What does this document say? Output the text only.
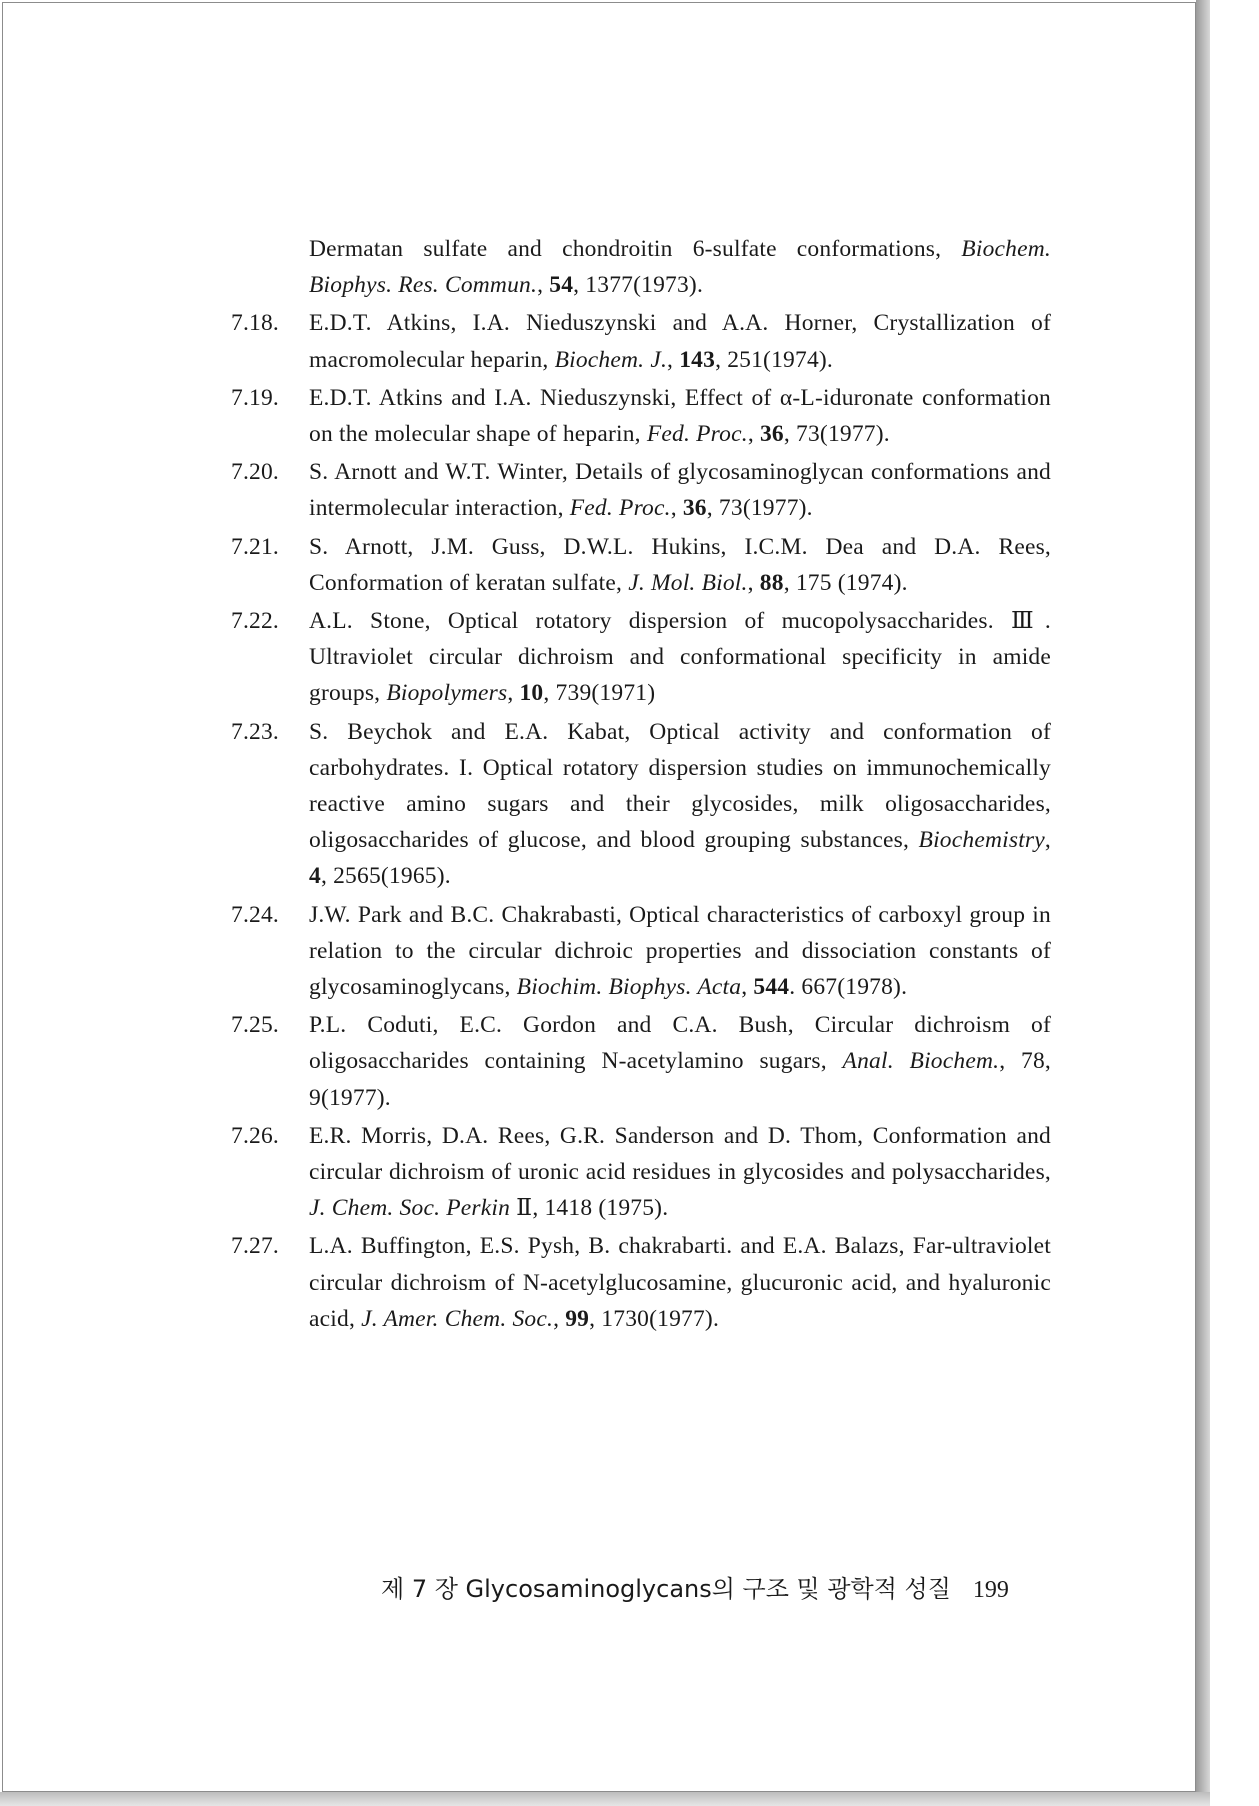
Dermatan sulfate and chondroitin 6-sulfate conformations, Biochem. Biophys. Res. Commun., 54, 1377(1973).
7.18. E.D.T. Atkins, I.A. Nieduszynski and A.A. Horner, Crystallization of macromolecular heparin, Biochem. J., 143, 251(1974).
7.19. E.D.T. Atkins and I.A. Nieduszynski, Effect of α-L-iduronate conformation on the molecular shape of heparin, Fed. Proc., 36, 73(1977).
7.20. S. Arnott and W.T. Winter, Details of glycosaminoglycan conformations and intermolecular interaction, Fed. Proc., 36, 73(1977).
7.21. S. Arnott, J.M. Guss, D.W.L. Hukins, I.C.M. Dea and D.A. Rees, Conformation of keratan sulfate, J. Mol. Biol., 88, 175 (1974).
7.22. A.L. Stone, Optical rotatory dispersion of mucopolysaccharides. Ⅲ. Ultraviolet circular dichroism and conformational specificity in amide groups, Biopolymers, 10, 739(1971)
7.23. S. Beychok and E.A. Kabat, Optical activity and conformation of carbohydrates. I. Optical rotatory dispersion studies on immunochemically reactive amino sugars and their glycosides, milk oligosaccharides, oligosaccharides of glucose, and blood grouping substances, Biochemistry, 4, 2565(1965).
7.24. J.W. Park and B.C. Chakrabasti, Optical characteristics of carboxyl group in relation to the circular dichroic properties and dissociation constants of glycosaminoglycans, Biochim. Biophys. Acta, 544. 667(1978).
7.25. P.L. Coduti, E.C. Gordon and C.A. Bush, Circular dichroism of oligosaccharides containing N-acetylamino sugars, Anal. Biochem., 78, 9(1977).
7.26. E.R. Morris, D.A. Rees, G.R. Sanderson and D. Thom, Conformation and circular dichroism of uronic acid residues in glycosides and polysaccharides, J. Chem. Soc. Perkin Ⅱ, 1418 (1975).
7.27. L.A. Buffington, E.S. Pysh, B. chakrabarti. and E.A. Balazs, Far-ultraviolet circular dichroism of N-acetylglucosamine, glucuronic acid, and hyaluronic acid, J. Amer. Chem. Soc., 99, 1730(1977).
제 7 장 Glycosaminoglycans의 구조 및 광학적 성질 199
